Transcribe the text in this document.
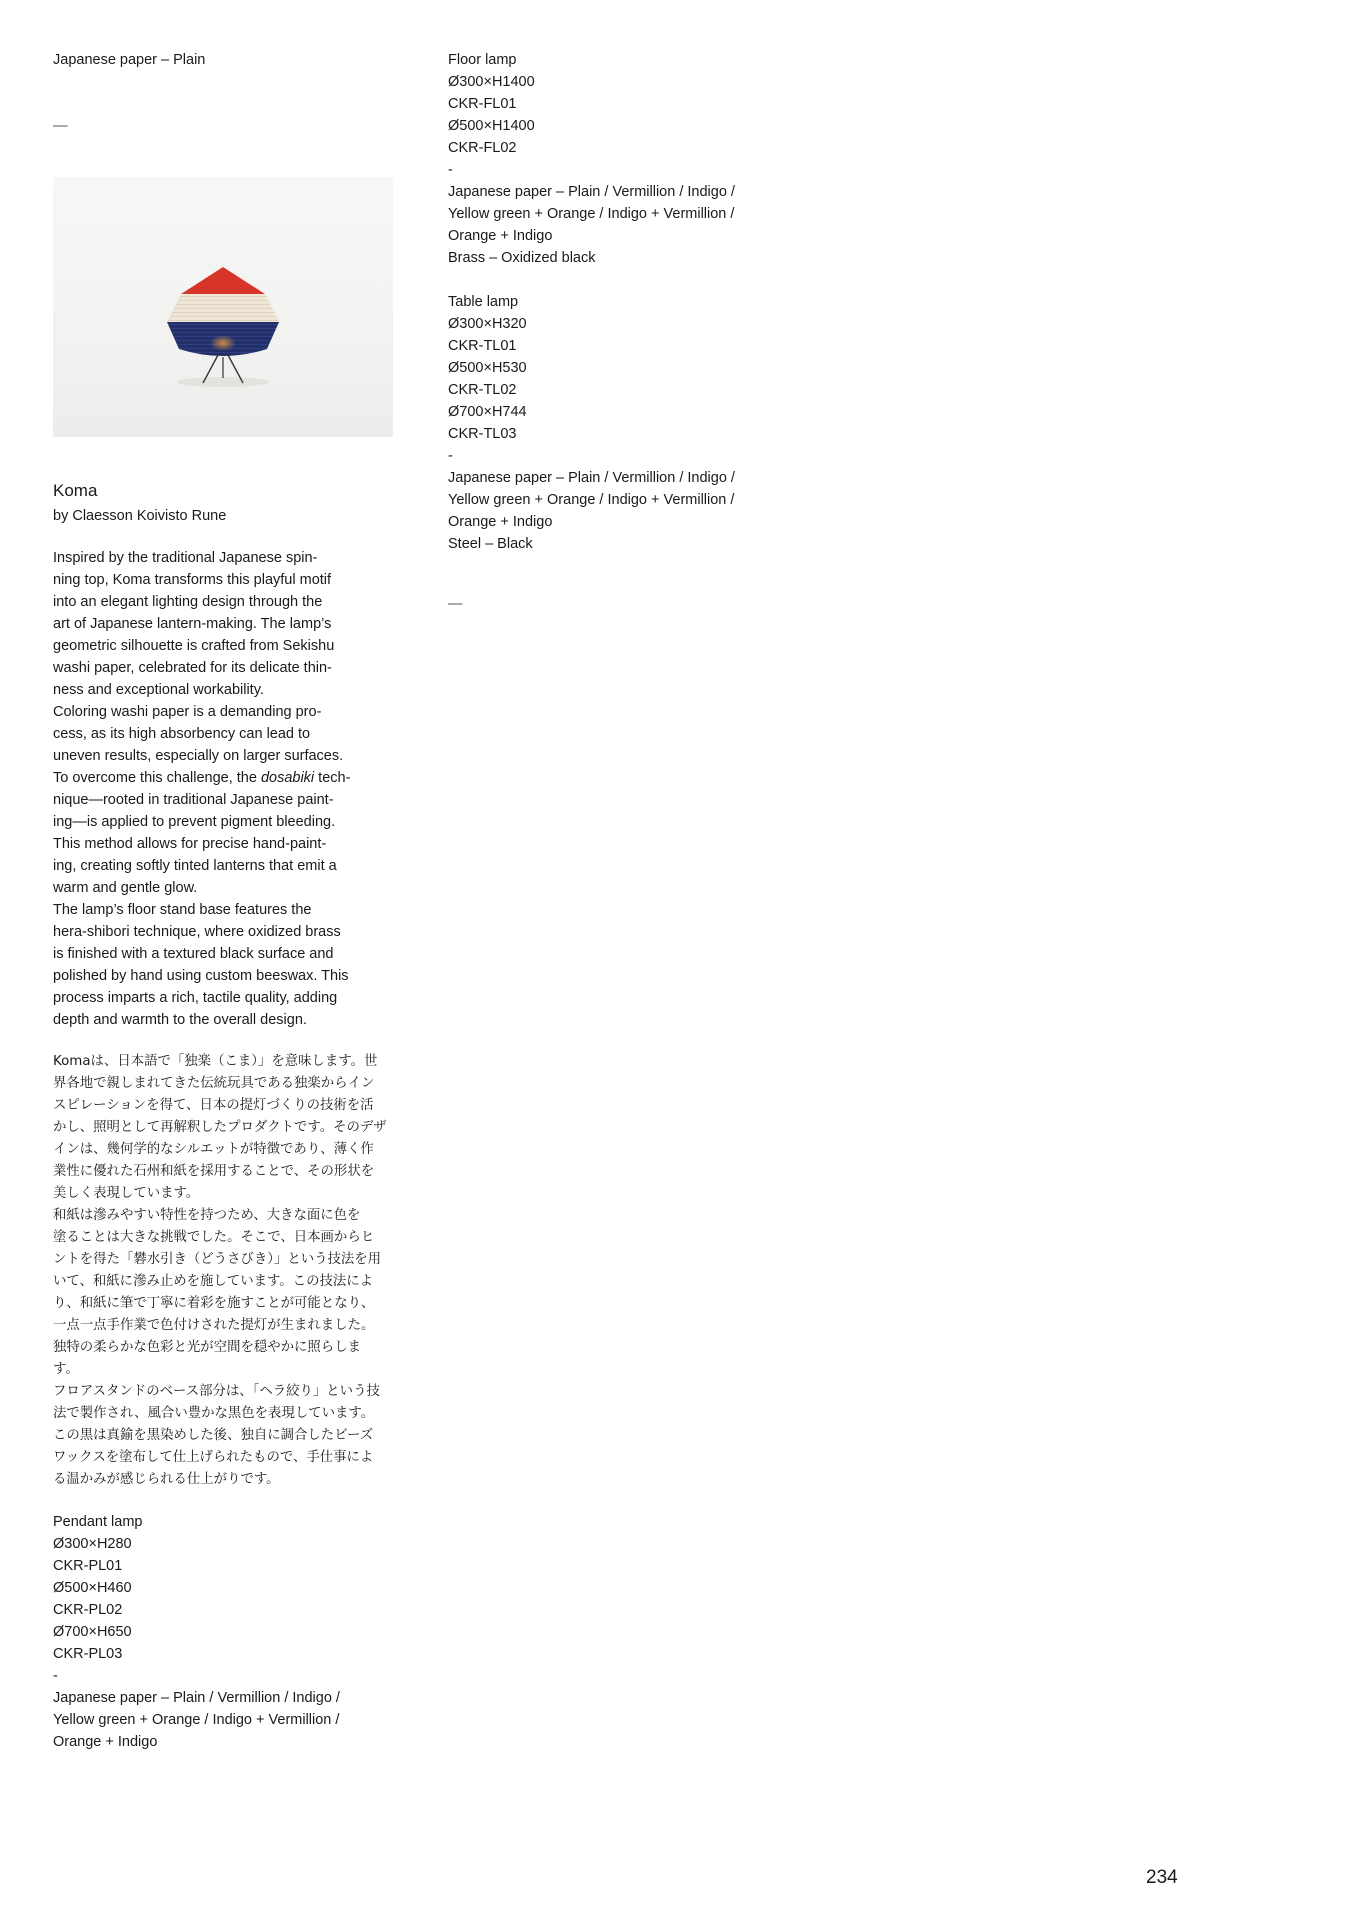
Japanese paper – Plain
—
Koma
by Claesson Koivisto Rune
Inspired by the traditional Japanese spin-
ning top, Koma transforms this playful motif
into an elegant lighting design through the
art of Japanese lantern-making. The lamp’s
geometric silhouette is crafted from Sekishu
washi paper, celebrated for its delicate thin-
ness and exceptional workability.
Coloring washi paper is a demanding pro-
cess, as its high absorbency can lead to
uneven results, especially on larger surfaces.
To overcome this challenge, the dosabiki tech-
nique—rooted in traditional Japanese paint-
ing—is applied to prevent pigment bleeding.
This method allows for precise hand-paint-
ing, creating softly tinted lanterns that emit a
warm and gentle glow.
The lamp’s floor stand base features the
hera-shibori technique, where oxidized brass
is finished with a textured black surface and
polished by hand using custom beeswax. This
process imparts a rich, tactile quality, adding
depth and warmth to the overall design.
Komaは、日本語で「独楽（こま）」を意味します。世
界各地で親しまれてきた伝統玩具である独楽からイン
スピレーションを得て、日本の提灯づくりの技術を活
かし、照明として再解釈したプロダクトです。そのデザ
インは、幾何学的なシルエットが特徴であり、薄く作
業性に優れた石州和紙を採用することで、その形状を
美しく表現しています。
和紙は滲みやすい特性を持つため、大きな面に色を
塗ることは大きな挑戦でした。そこで、日本画からヒ
ントを得た「礬水引き（どうさびき）」という技法を用
いて、和紙に滲み止めを施しています。この技法によ
り、和紙に筆で丁寧に着彩を施すことが可能となり、
一点一点手作業で色付けされた提灯が生まれました。
独特の柔らかな色彩と光が空間を穏やかに照らしま
す。
フロアスタンドのベース部分は、「ヘラ絞り」という技
法で製作され、風合い豊かな黒色を表現しています。
この黒は真鍮を黒染めした後、独自に調合したビーズ
ワックスを塗布して仕上げられたもので、手仕事によ
る温かみが感じられる仕上がりです。
Pendant lamp
Ø300×H280
CKR-PL01
Ø500×H460
CKR-PL02
Ø700×H650
CKR-PL03
-
Japanese paper – Plain / Vermillion / Indigo /
Yellow green + Orange / Indigo + Vermillion /
Orange + Indigo
Floor lamp
Ø300×H1400
CKR-FL01
Ø500×H1400
CKR-FL02
-
Japanese paper – Plain / Vermillion / Indigo /
Yellow green + Orange / Indigo + Vermillion /
Orange + Indigo
Brass – Oxidized black
Table lamp
Ø300×H320
CKR-TL01
Ø500×H530
CKR-TL02
Ø700×H744
CKR-TL03
-
Japanese paper – Plain / Vermillion / Indigo /
Yellow green + Orange / Indigo + Vermillion /
Orange + Indigo
Steel – Black
—
234
